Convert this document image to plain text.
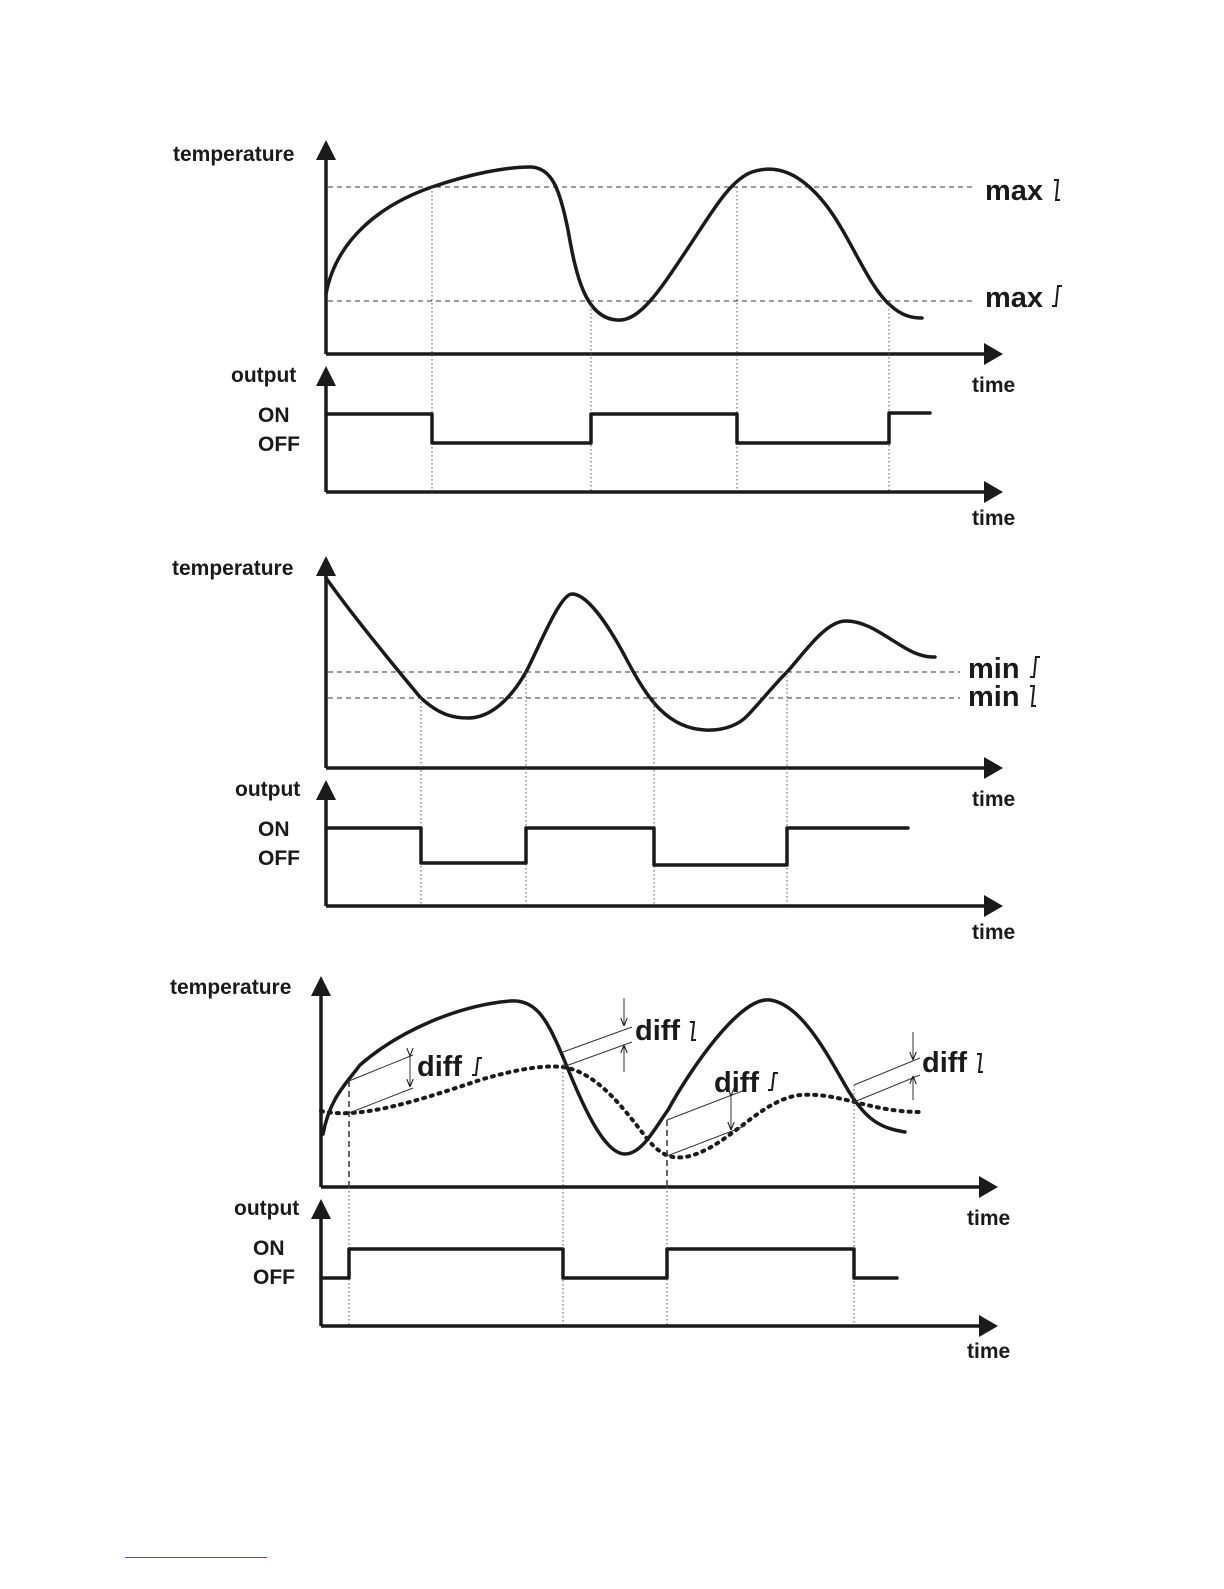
temperature
time
max
max
output
ON
OFF
time
temperature
time
min
min
output
ON
OFF
time
temperature
time
diff
diff
diff
diff
output
ON
OFF
time
